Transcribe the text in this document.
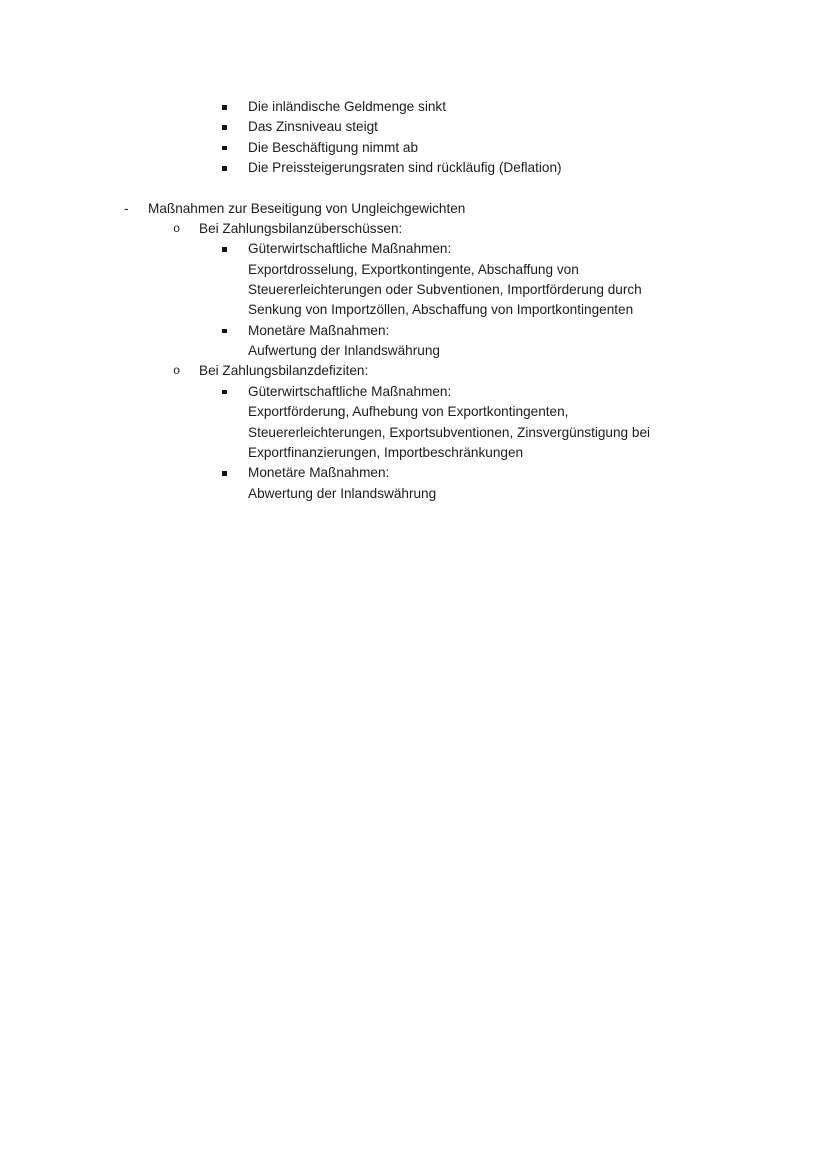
Die inländische Geldmenge sinkt
Das Zinsniveau steigt
Die Beschäftigung nimmt ab
Die Preissteigerungsraten sind rückläufig (Deflation)
- Maßnahmen zur Beseitigung von Ungleichgewichten
o Bei Zahlungsbilanzüberschüssen:
Güterwirtschaftliche Maßnahmen:
Exportdrosselung, Exportkontingente, Abschaffung von
Steuererleichterungen oder Subventionen, Importförderung durch
Senkung von Importzöllen, Abschaffung von Importkontingenten
Monetäre Maßnahmen:
Aufwertung der Inlandswährung
o Bei Zahlungsbilanzdefiziten:
Güterwirtschaftliche Maßnahmen:
Exportförderung, Aufhebung von Exportkontingenten,
Steuererleichterungen, Exportsubventionen, Zinsvergünstigung bei
Exportfinanzierungen, Importbeschränkungen
Monetäre Maßnahmen:
Abwertung der Inlandswährung
